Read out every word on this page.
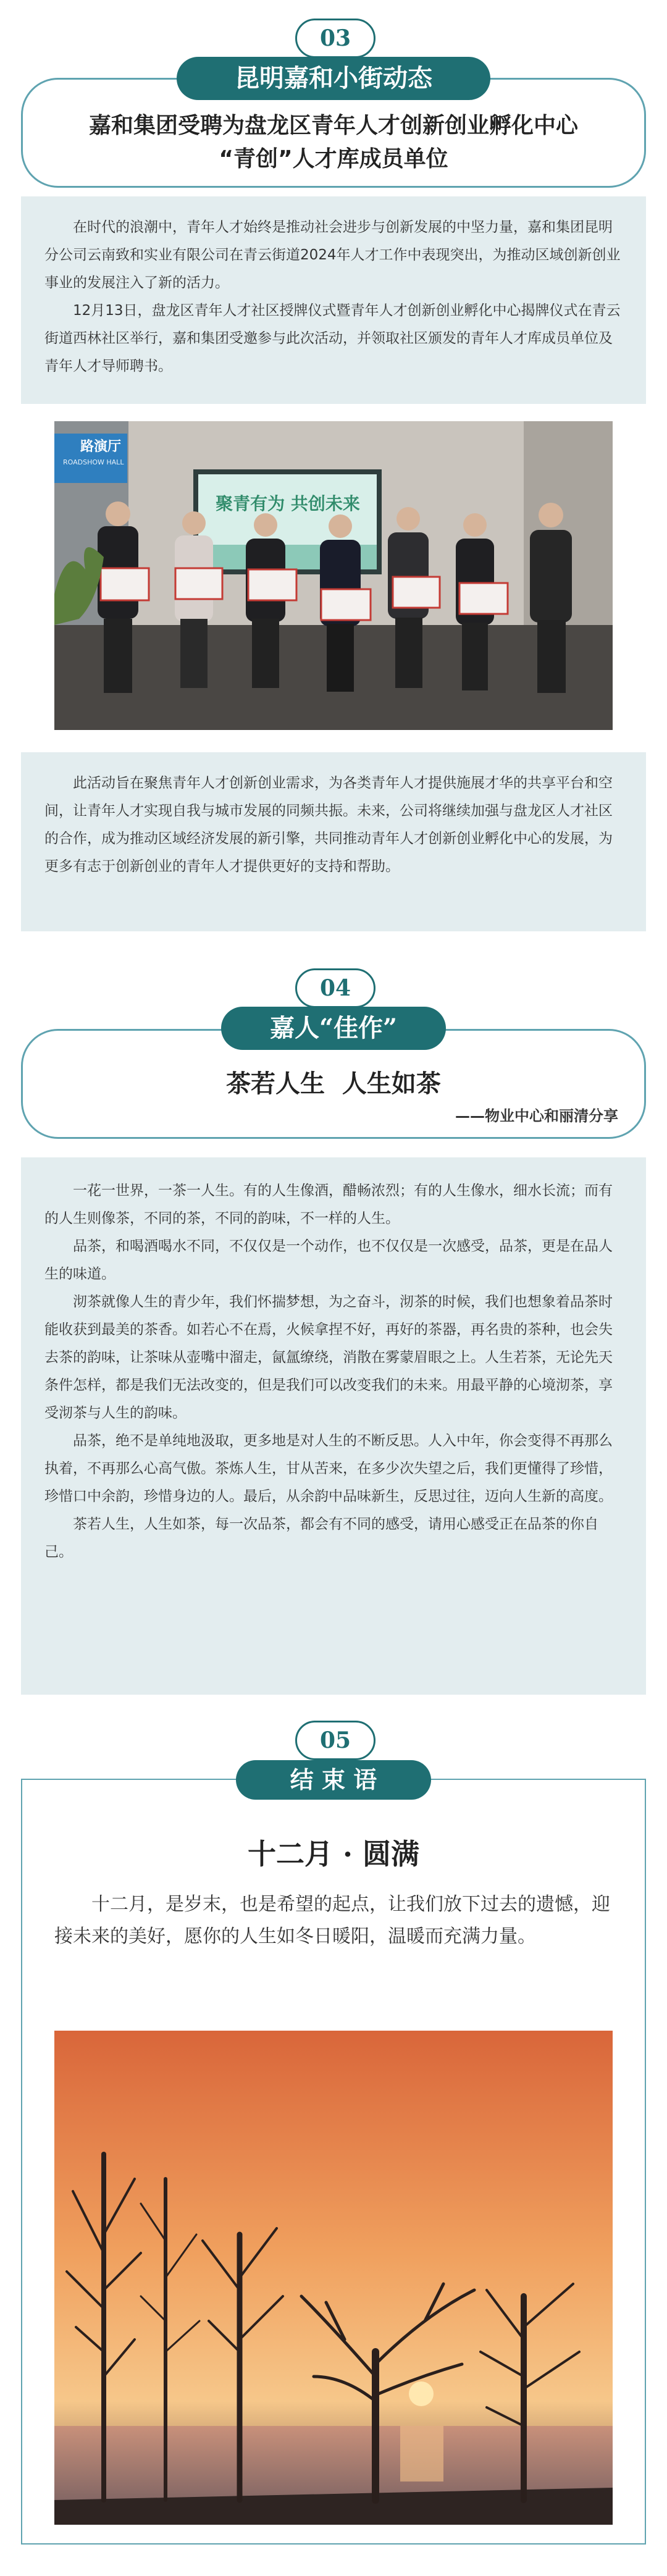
03
昆明嘉和小街动态
嘉和集团受聘为盘龙区青年人才创新创业孵化中心
“青创”人才库成员单位

在时代的浪潮中，青年人才始终是推动社会进步与创新发展的中坚力量，嘉和集团昆明分公司云南致和实业有限公司在青云街道2024年人才工作中表现突出，为推动区域创新创业事业的发展注入了新的活力。

12月13日，盘龙区青年人才社区授牌仪式暨青年人才创新创业孵化中心揭牌仪式在青云街道西林社区举行，嘉和集团受邀参与此次活动，并领取社区颁发的青年人才库成员单位及青年人才导师聘书。

路演厅
ROADSHOW HALL
聚青有为 共创未来

此活动旨在聚焦青年人才创新创业需求，为各类青年人才提供施展才华的共享平台和空间，让青年人才实现自我与城市发展的同频共振。未来，公司将继续加强与盘龙区人才社区的合作，成为推动区域经济发展的新引擎，共同推动青年人才创新创业孵化中心的发展，为更多有志于创新创业的青年人才提供更好的支持和帮助。

04
嘉人“佳作”
茶若人生  人生如茶
——物业中心和丽清分享

一花一世界，一茶一人生。有的人生像酒，醋畅浓烈；有的人生像水，细水长流；而有的人生则像茶，不同的茶，不同的韵味，不一样的人生。

品茶，和喝酒喝水不同，不仅仅是一个动作，也不仅仅是一次感受，品茶，更是在品人生的味道。

沏茶就像人生的青少年，我们怀揣梦想，为之奋斗，沏茶的时候，我们也想象着品茶时能收获到最美的茶香。如若心不在焉，火候拿捏不好，再好的茶器，再名贵的茶种，也会失去茶的韵味，让茶味从壶嘴中溜走，氤氲缭绕，消散在雾蒙眉眼之上。人生若茶，无论先天条件怎样，都是我们无法改变的，但是我们可以改变我们的未来。用最平静的心境沏茶，享受沏茶与人生的韵味。

品茶，绝不是单纯地汲取，更多地是对人生的不断反思。人入中年，你会变得不再那么执着，不再那么心高气傲。茶炼人生，甘从苦来，在多少次失望之后，我们更懂得了珍惜，珍惜口中余韵，珍惜身边的人。最后，从余韵中品味新生，反思过往，迈向人生新的高度。

茶若人生，人生如茶，每一次品茶，都会有不同的感受，请用心感受正在品茶的你自己。

05
结 束 语
十二月 · 圆满
十二月，是岁末，也是希望的起点，让我们放下过去的遗憾，迎接未来的美好，愿你的人生如冬日暖阳，温暖而充满力量。
